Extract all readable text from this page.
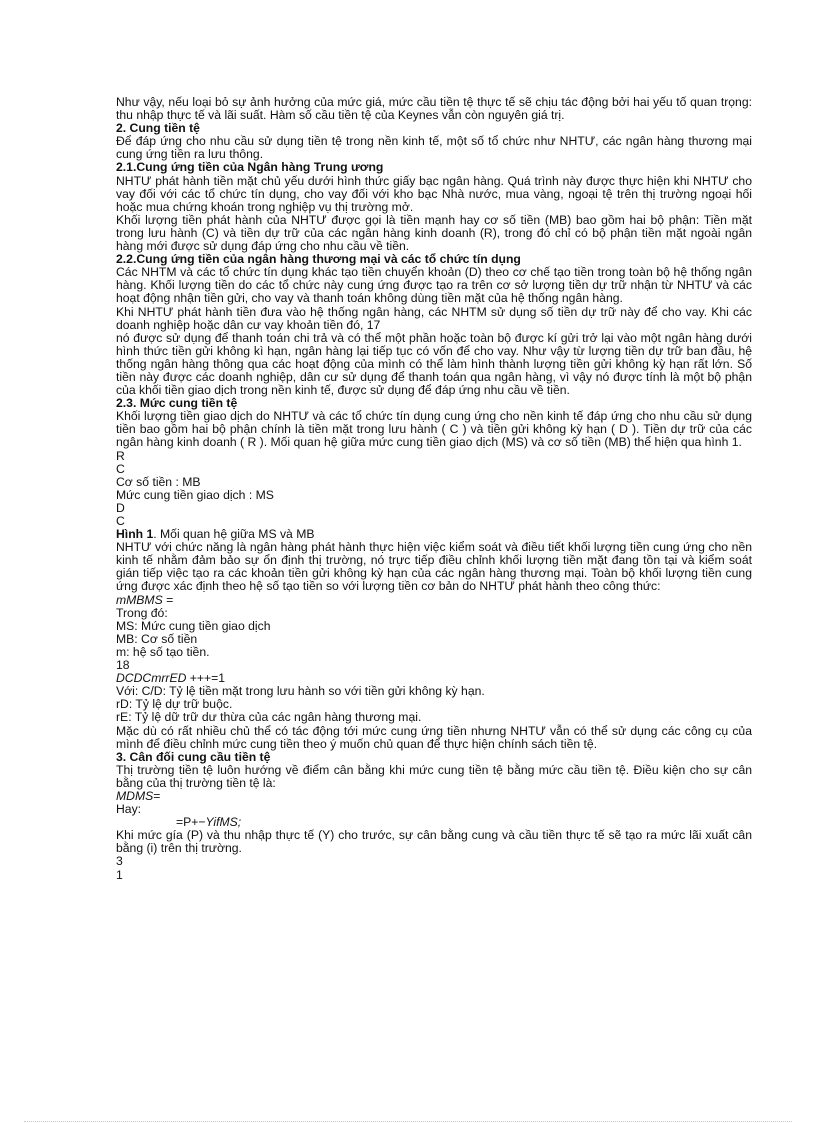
Như vậy, nếu loại bỏ sự ảnh hưởng của mức giá, mức cầu tiền tệ thực tế sẽ chịu tác động bởi hai yếu tố quan trọng: thu nhập thực tế và lãi suất. Hàm số cầu tiền tệ của Keynes vẫn còn nguyên giá trị.

2. Cung tiền tệ

Để đáp ứng cho nhu cầu sử dụng tiền tệ trong nền kinh tế, một số tổ chức như NHTƯ, các ngân hàng thương mại cung ứng tiền ra lưu thông.

2.1.Cung ứng tiền của Ngân hàng Trung ương

NHTƯ phát hành tiền mặt chủ yếu dưới hình thức giấy bạc ngân hàng. Quá trình này được thực hiện khi NHTƯ cho vay đối với các tổ chức tín dụng, cho vay đối với kho bạc Nhà nước, mua vàng, ngoại tệ trên thị trường ngoại hối hoặc mua chứng khoán trong nghiệp vụ thị trường mở.

Khối lượng tiền phát hành của NHTƯ được gọi là tiền mạnh hay cơ số tiền (MB) bao gồm hai bộ phận: Tiền mặt trong lưu hành (C) và tiền dự trữ của các ngân hàng kinh doanh (R), trong đó chỉ có bộ phận tiền mặt ngoài ngân hàng mới được sử dụng đáp ứng cho nhu cầu về tiền.

2.2.Cung ứng tiền của ngân hàng thương mại và các tổ chức tín dụng

Các NHTM và các tổ chức tín dụng khác tạo tiền chuyển khoản (D) theo cơ chế tạo tiền trong toàn bộ hệ thống ngân hàng. Khối lượng tiền do các tổ chức này cung ứng được tạo ra trên cơ sở lượng tiền dự trữ nhận từ NHTƯ và các hoạt động nhận tiền gửi, cho vay và thanh toán không dùng tiền mặt của hệ thống ngân hàng.

Khi NHTƯ phát hành tiền đưa vào hệ thống ngân hàng, các NHTM sử dụng số tiền dự trữ này để cho vay. Khi các doanh nghiệp hoặc dân cư vay khoản tiền đó, 17

nó được sử dụng để thanh toán chi trả và có thể một phần hoặc toàn bộ được kí gửi trở lại vào một ngân hàng dưới hình thức tiền gửi không kì hạn, ngân hàng lại tiếp tục có vốn để cho vay. Như vậy từ lượng tiền dự trữ ban đầu, hệ thống ngân hàng thông qua các hoạt động của mình có thể làm hình thành lượng tiền gửi không kỳ hạn rất lớn. Số tiền này được các doanh nghiệp, dân cư sử dụng để thanh toán qua ngân hàng, vì vậy nó được tính là một bộ phận của khối tiền giao dịch trong nền kinh tế, được sử dụng để đáp ứng nhu cầu về tiền.

2.3. Mức cung tiền tệ

Khối lượng tiền giao dịch do NHTƯ và các tổ chức tín dụng cung ứng cho nền kinh tế đáp ứng cho nhu cầu sử dụng tiền bao gồm hai bộ phận chính là tiền mặt trong lưu hành ( C ) và tiền gửi không kỳ hạn ( D ). Tiền dự trữ của các ngân hàng kinh doanh ( R ). Mối quan hệ giữa mức cung tiền giao dịch (MS) và cơ số tiền (MB) thể hiện qua hình 1.

R

C

Cơ số tiền : MB

Mức cung tiền giao dịch : MS

D

C

Hình 1. Mối quan hệ giữa MS và MB

NHTƯ với chức năng là ngân hàng phát hành thực hiện việc kiểm soát và điều tiết khối lượng tiền cung ứng cho nền kinh tế nhằm đảm bảo sự ổn định thị trường, nó trực tiếp điều chỉnh khối lượng tiền mặt đang tồn tại và kiểm soát gián tiếp việc tạo ra các khoản tiền gửi không kỳ hạn của các ngân hàng thương mại. Toàn bộ khối lượng tiền cung ứng được xác định theo hệ số tạo tiền so với lượng tiền cơ bản do NHTƯ phát hành theo công thức:

mMBMS =

Trong đó:

MS: Mức cung tiền giao dịch

MB: Cơ số tiền

m: hệ số tạo tiền.

18

DCDCmrrED +++=1

Với: C/D: Tỷ lệ tiền mặt trong lưu hành so với tiền gửi không kỳ hạn.

rD: Tỷ lệ dự trữ buộc.

rE: Tỷ lệ dữ trữ dư thừa của các ngân hàng thương mại.

Mặc dù có rất nhiều chủ thể có tác động tới mức cung ứng tiền nhưng NHTƯ vẫn có thể sử dụng các công cụ của mình để điều chỉnh mức cung tiền theo ý muốn chủ quan để thực hiện chính sách tiền tệ.

3. Cân đối cung cầu tiền tệ

Thị trường tiền tệ luôn hướng về điểm cân bằng khi mức cung tiền tệ bằng mức cầu tiền tệ. Điều kiện cho sự cân bằng của thị trường tiền tệ là:

MDMS=

Hay:

=P+−YifMS;

Khi mức gía (P) và thu nhập thực tế (Y) cho trước, sự cân bằng cung và cầu tiền thực tế sẽ tạo ra mức lãi xuất cân bằng (i) trên thị trường.

3

1
